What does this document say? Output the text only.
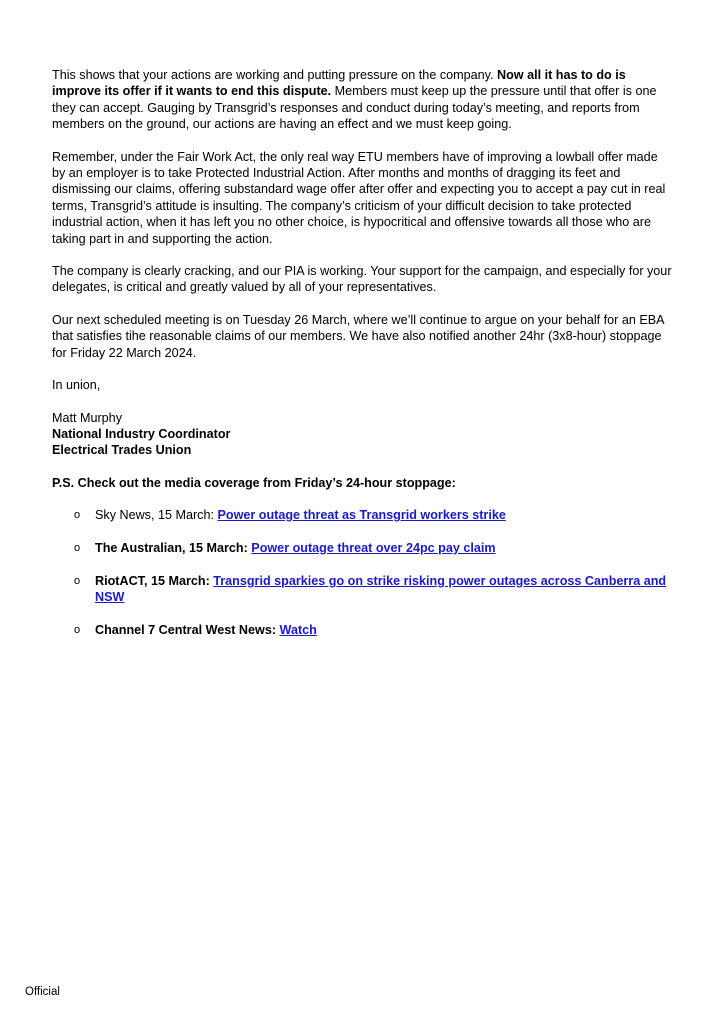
This shows that your actions are working and putting pressure on the company. Now all it has to do is improve its offer if it wants to end this dispute. Members must keep up the pressure until that offer is one they can accept. Gauging by Transgrid’s responses and conduct during today’s meeting, and reports from members on the ground, our actions are having an effect and we must keep going.

Remember, under the Fair Work Act, the only real way ETU members have of improving a lowball offer made by an employer is to take Protected Industrial Action. After months and months of dragging its feet and dismissing our claims, offering substandard wage offer after offer and expecting you to accept a pay cut in real terms, Transgrid’s attitude is insulting. The company’s criticism of your difficult decision to take protected industrial action, when it has left you no other choice, is hypocritical and offensive towards all those who are taking part in and supporting the action.

The company is clearly cracking, and our PIA is working. Your support for the campaign, and especially for your delegates, is critical and greatly valued by all of your representatives.

Our next scheduled meeting is on Tuesday 26 March, where we’ll continue to argue on your behalf for an EBA that satisfies tihe reasonable claims of our members. We have also notified another 24hr (3x8-hour) stoppage for Friday 22 March 2024.

In union,

Matt Murphy
National Industry Coordinator
Electrical Trades Union

P.S. Check out the media coverage from Friday’s 24-hour stoppage:

o Sky News, 15 March: Power outage threat as Transgrid workers strike
o The Australian, 15 March: Power outage threat over 24pc pay claim
o RiotACT, 15 March: Transgrid sparkies go on strike risking power outages across Canberra and NSW
o Channel 7 Central West News: Watch
Official
